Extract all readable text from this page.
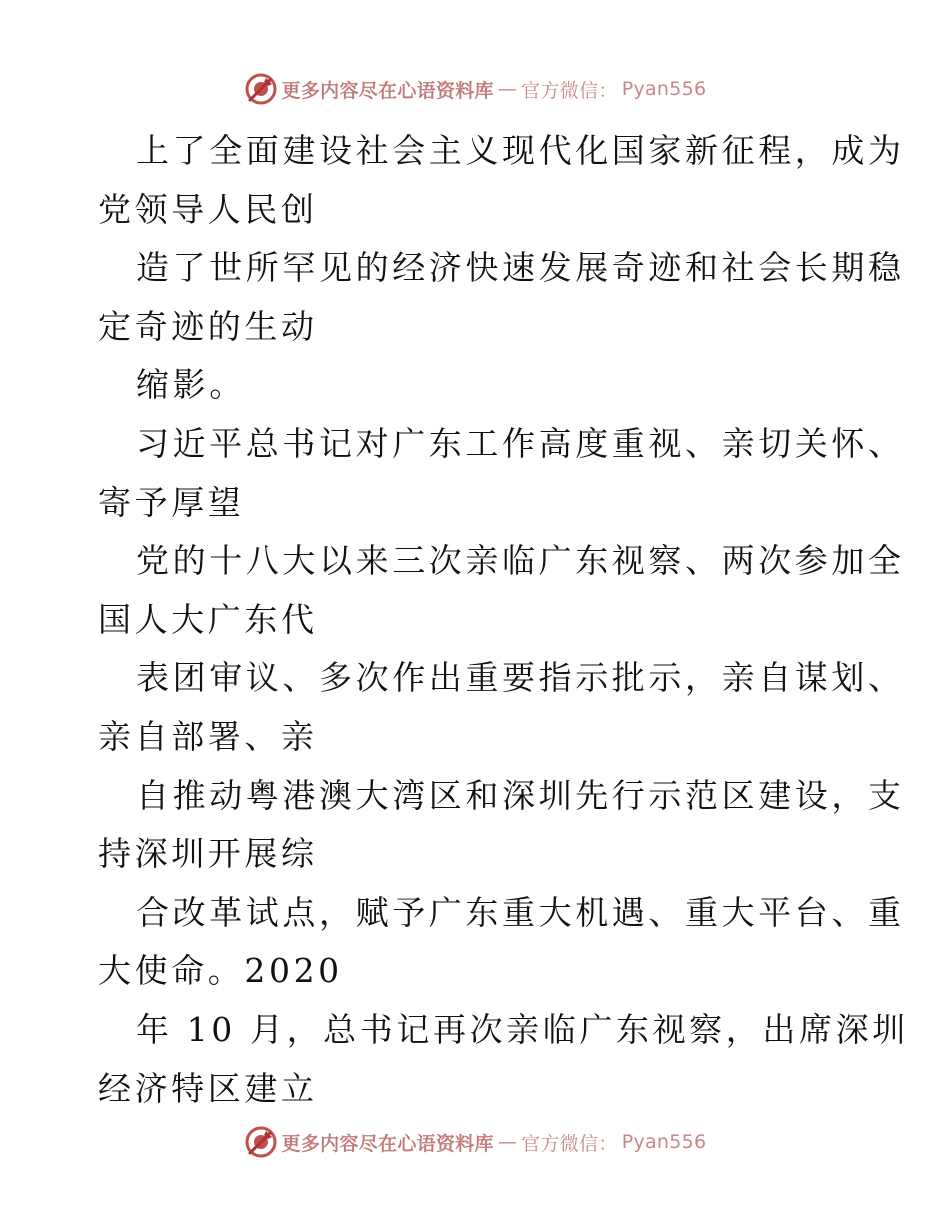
更多内容尽在心语资料库 — 官方微信： Pyan556
上了全面建设社会主义现代化国家新征程，成为
党领导人民创
造了世所罕见的经济快速发展奇迹和社会长期稳
定奇迹的生动
缩影。
习近平总书记对广东工作高度重视、亲切关怀、
寄予厚望
党的十八大以来三次亲临广东视察、两次参加全
国人大广东代
表团审议、多次作出重要指示批示，亲自谋划、
亲自部署、亲
自推动粤港澳大湾区和深圳先行示范区建设，支
持深圳开展综
合改革试点，赋予广东重大机遇、重大平台、重
大使命。2020
年 10 月，总书记再次亲临广东视察，出席深圳
经济特区建立
更多内容尽在心语资料库 — 官方微信： Pyan556
